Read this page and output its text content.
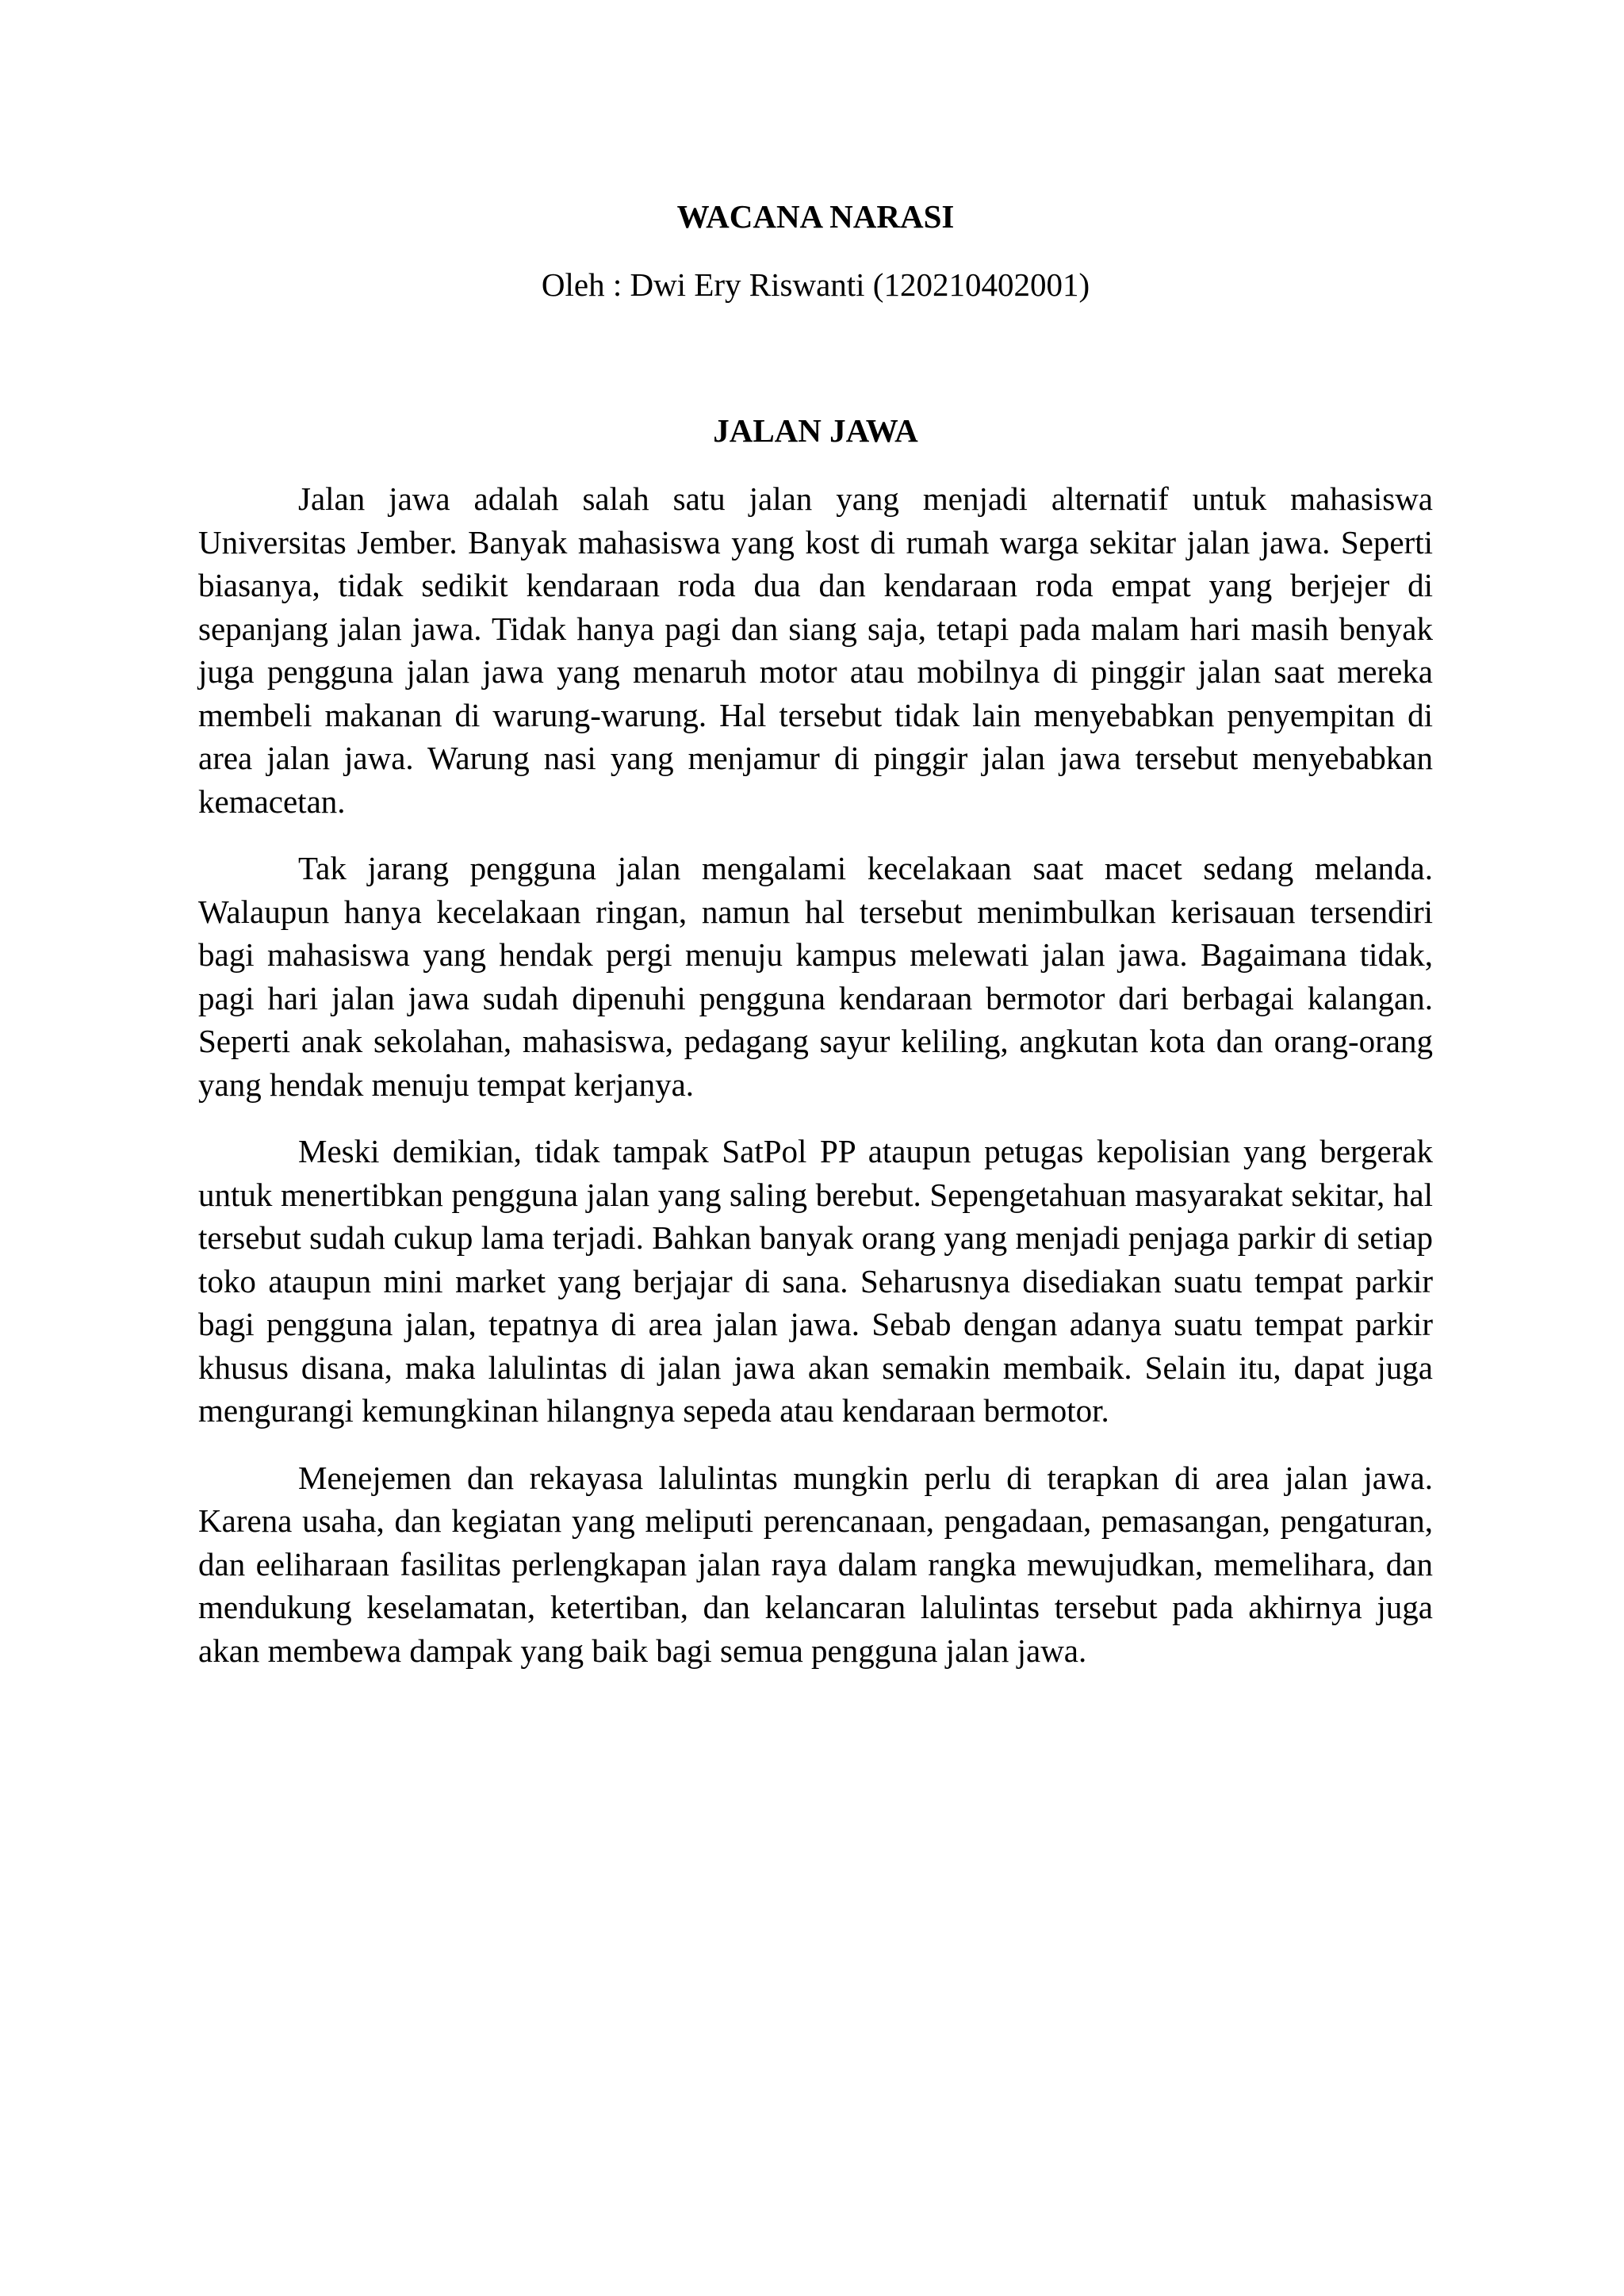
WACANA NARASI

Oleh : Dwi Ery Riswanti (120210402001)

JALAN JAWA

Jalan jawa adalah salah satu jalan yang menjadi alternatif untuk mahasiswa Universitas Jember. Banyak mahasiswa yang kost di rumah warga sekitar jalan jawa. Seperti biasanya, tidak sedikit kendaraan roda dua dan kendaraan roda empat yang berjejer di sepanjang jalan jawa. Tidak hanya pagi dan siang saja, tetapi pada malam hari masih benyak juga pengguna jalan jawa yang menaruh motor atau mobilnya di pinggir jalan saat mereka membeli makanan di warung-warung. Hal tersebut tidak lain menyebabkan penyempitan di area jalan jawa. Warung nasi yang menjamur di pinggir jalan jawa tersebut menyebabkan kemacetan.

Tak jarang pengguna jalan mengalami kecelakaan saat macet sedang melanda. Walaupun hanya kecelakaan ringan, namun hal tersebut menimbulkan kerisauan tersendiri bagi mahasiswa yang hendak pergi menuju kampus melewati jalan jawa. Bagaimana tidak, pagi hari jalan jawa sudah dipenuhi pengguna kendaraan bermotor dari berbagai kalangan. Seperti anak sekolahan, mahasiswa, pedagang sayur keliling, angkutan kota dan orang-orang yang hendak menuju tempat kerjanya.

Meski demikian, tidak tampak SatPol PP ataupun petugas kepolisian yang bergerak untuk menertibkan pengguna jalan yang saling berebut. Sepengetahuan masyarakat sekitar, hal tersebut sudah cukup lama terjadi. Bahkan banyak orang yang menjadi penjaga parkir di setiap toko ataupun mini market yang berjajar di sana. Seharusnya disediakan suatu tempat parkir bagi pengguna jalan, tepatnya di area jalan jawa. Sebab dengan adanya suatu tempat parkir khusus disana, maka lalulintas di jalan jawa akan semakin membaik. Selain itu, dapat juga mengurangi kemungkinan hilangnya sepeda atau kendaraan bermotor.

Menejemen dan rekayasa lalulintas mungkin perlu di terapkan di area jalan jawa. Karena usaha, dan kegiatan yang meliputi perencanaan, pengadaan, pemasangan, pengaturan, dan eeliharaan fasilitas perlengkapan jalan raya dalam rangka mewujudkan, memelihara, dan mendukung keselamatan, ketertiban, dan kelancaran lalulintas tersebut pada akhirnya juga akan membewa dampak yang baik bagi semua pengguna jalan jawa.
